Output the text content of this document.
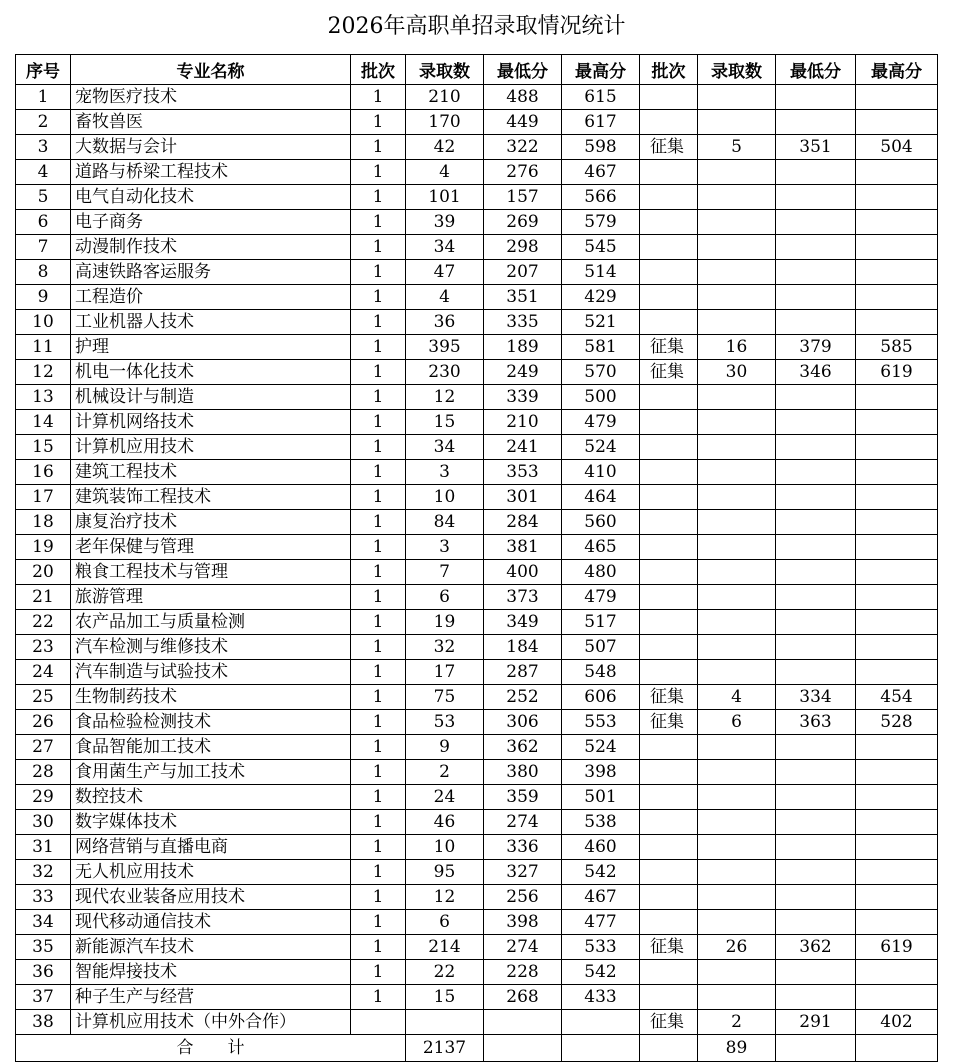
2026年高职单招录取情况统计
序号	专业名称	批次	录取数	最低分	最高分	批次	录取数	最低分	最高分
1	宠物医疗技术	1	210	488	615				
2	畜牧兽医	1	170	449	617				
3	大数据与会计	1	42	322	598	征集	5	351	504
4	道路与桥梁工程技术	1	4	276	467				
5	电气自动化技术	1	101	157	566				
6	电子商务	1	39	269	579				
7	动漫制作技术	1	34	298	545				
8	高速铁路客运服务	1	47	207	514				
9	工程造价	1	4	351	429				
10	工业机器人技术	1	36	335	521				
11	护理	1	395	189	581	征集	16	379	585
12	机电一体化技术	1	230	249	570	征集	30	346	619
13	机械设计与制造	1	12	339	500				
14	计算机网络技术	1	15	210	479				
15	计算机应用技术	1	34	241	524				
16	建筑工程技术	1	3	353	410				
17	建筑装饰工程技术	1	10	301	464				
18	康复治疗技术	1	84	284	560				
19	老年保健与管理	1	3	381	465				
20	粮食工程技术与管理	1	7	400	480				
21	旅游管理	1	6	373	479				
22	农产品加工与质量检测	1	19	349	517				
23	汽车检测与维修技术	1	32	184	507				
24	汽车制造与试验技术	1	17	287	548				
25	生物制药技术	1	75	252	606	征集	4	334	454
26	食品检验检测技术	1	53	306	553	征集	6	363	528
27	食品智能加工技术	1	9	362	524				
28	食用菌生产与加工技术	1	2	380	398				
29	数控技术	1	24	359	501				
30	数字媒体技术	1	46	274	538				
31	网络营销与直播电商	1	10	336	460				
32	无人机应用技术	1	95	327	542				
33	现代农业装备应用技术	1	12	256	467				
34	现代移动通信技术	1	6	398	477				
35	新能源汽车技术	1	214	274	533	征集	26	362	619
36	智能焊接技术	1	22	228	542				
37	种子生产与经营	1	15	268	433				
38	计算机应用技术（中外合作）					征集	2	291	402
合　　计			2137				89		
